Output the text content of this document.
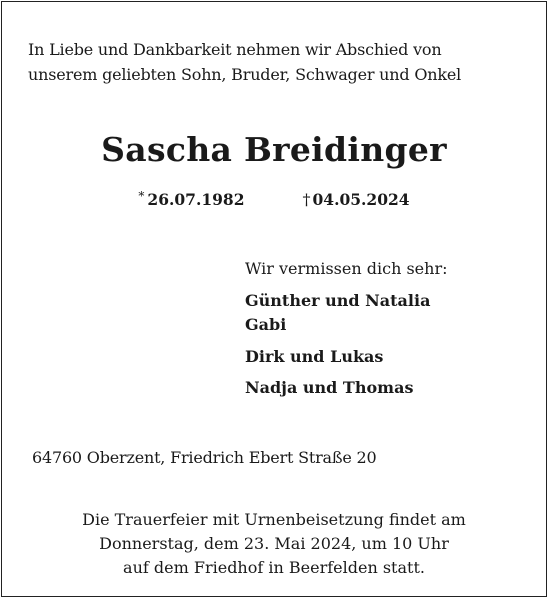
In Liebe und Dankbarkeit nehmen wir Abschied von
unserem geliebten Sohn, Bruder, Schwager und Onkel
Sascha Breidinger
* 26.07.1982	† 04.05.2024
Wir vermissen dich sehr:
Günther und Natalia
Gabi
Dirk und Lukas
Nadja und Thomas
64760 Oberzent, Friedrich Ebert Straße 20
Die Trauerfeier mit Urnenbeisetzung findet am
Donnerstag, dem 23. Mai 2024, um 10 Uhr
auf dem Friedhof in Beerfelden statt.
